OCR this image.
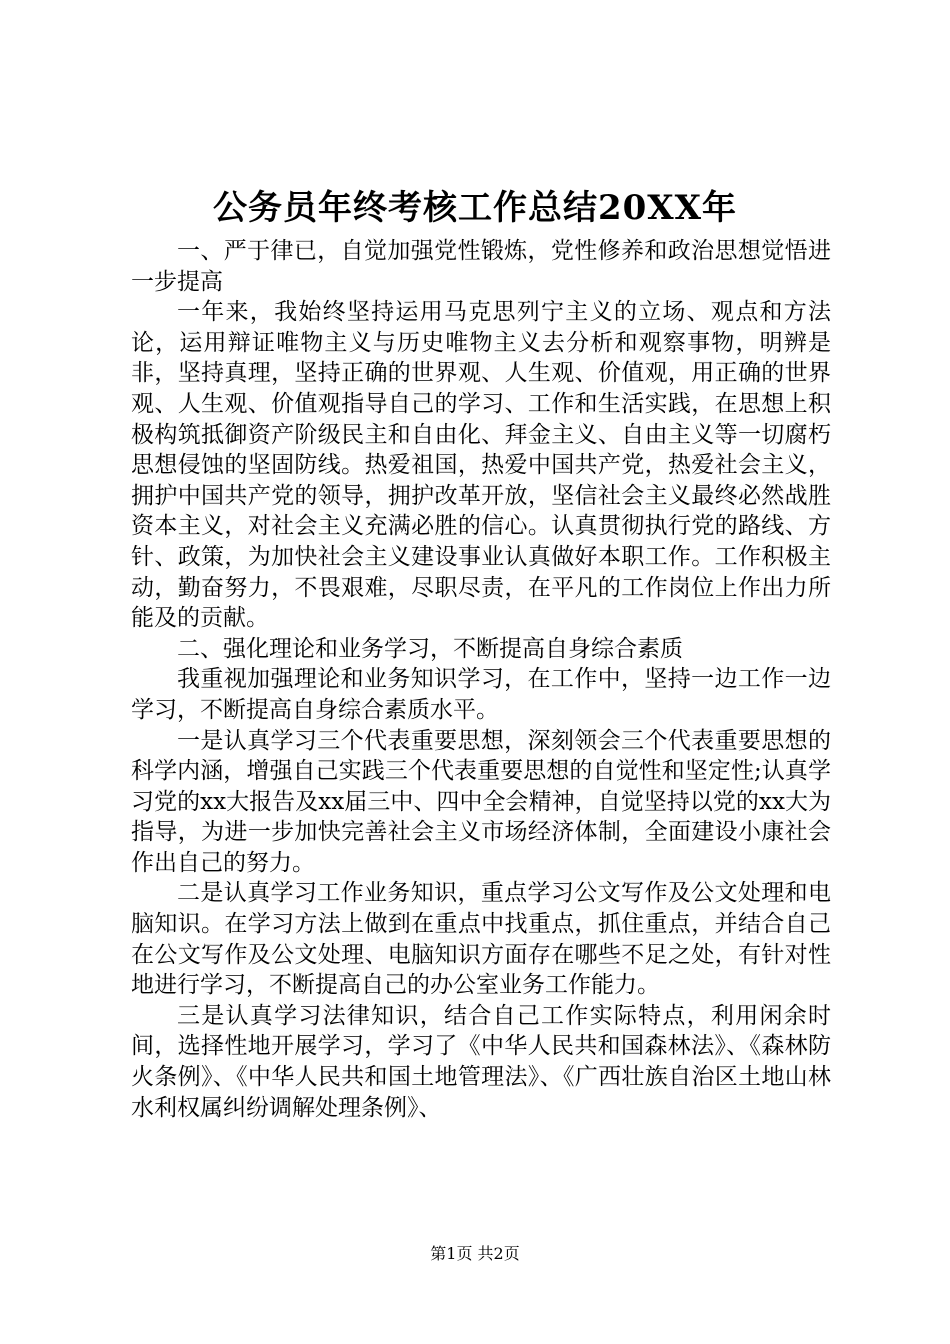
公务员年终考核工作总结20XX年

一、严于律已，自觉加强党性锻炼，党性修养和政治思想觉悟进一步提高

一年来，我始终坚持运用马克思列宁主义的立场、观点和方法论，运用辩证唯物主义与历史唯物主义去分析和观察事物，明辨是非，坚持真理，坚持正确的世界观、人生观、价值观，用正确的世界观、人生观、价值观指导自己的学习、工作和生活实践，在思想上积极构筑抵御资产阶级民主和自由化、拜金主义、自由主义等一切腐朽思想侵蚀的坚固防线。热爱祖国，热爱中国共产党，热爱社会主义，拥护中国共产党的领导，拥护改革开放，坚信社会主义最终必然战胜资本主义，对社会主义充满必胜的信心。认真贯彻执行党的路线、方针、政策，为加快社会主义建设事业认真做好本职工作。工作积极主动，勤奋努力，不畏艰难，尽职尽责，在平凡的工作岗位上作出力所能及的贡献。

二、强化理论和业务学习，不断提高自身综合素质

我重视加强理论和业务知识学习，在工作中，坚持一边工作一边学习，不断提高自身综合素质水平。

一是认真学习三个代表重要思想，深刻领会三个代表重要思想的科学内涵，增强自己实践三个代表重要思想的自觉性和坚定性;认真学习党的xx大报告及xx届三中、四中全会精神，自觉坚持以党的xx大为指导，为进一步加快完善社会主义市场经济体制，全面建设小康社会作出自己的努力。

二是认真学习工作业务知识，重点学习公文写作及公文处理和电脑知识。在学习方法上做到在重点中找重点，抓住重点，并结合自己在公文写作及公文处理、电脑知识方面存在哪些不足之处，有针对性地进行学习，不断提高自己的办公室业务工作能力。

三是认真学习法律知识，结合自己工作实际特点，利用闲余时间，选择性地开展学习，学习了《中华人民共和国森林法》、《森林防火条例》、《中华人民共和国土地管理法》、《广西壮族自治区土地山林水利权属纠纷调解处理条例》、

第1页 共2页
